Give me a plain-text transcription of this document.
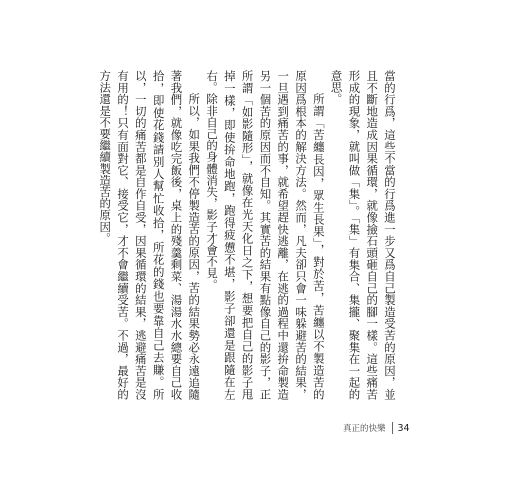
當的行爲，這些不當的行爲進一步又爲自己製造受苦的原因，並且不斷地造成因果循環，就像撿石頭砸自己的腳一樣。這些痛苦形成的現象，就叫做「集」。「集」有集合、集攏、聚集在一起的意思。

所謂「苦纏長因，眾生長果」，對於苦，苦纏以不製造苦的原因爲根本的解決方法。然而，凡夫卻只會一味躲避苦的結果，一旦遇到痛苦的事，就希望趕快逃離，在逃的過程中還拚命製造另一個苦的原因而不自知。其實苦的結果有點像自己的影子，正所謂「如影隨形」，就像在光天化日之下，想要把自己的影子甩掉一樣，即使拚命地跑，跑得疲憊不堪，影子卻還是跟隨在左右。除非自己的身體消失，影子才會不見。

所以，如果我們不停製造苦的原因，苦的結果勢必永遠追隨著我們，就像吃完飯後，桌上的殘羹剩菜、湯湯水水總要自己收拾，即使花錢請別人幫忙收拾，所花的錢也要靠自己去賺。所以，一切的痛苦都是自作自受，因果循環的結果，逃避痛苦是沒有用的！只有面對它、接受它，才不會繼續受苦。不過，最好的方法還是不要繼續製造苦的原因。

真正的快樂 34
